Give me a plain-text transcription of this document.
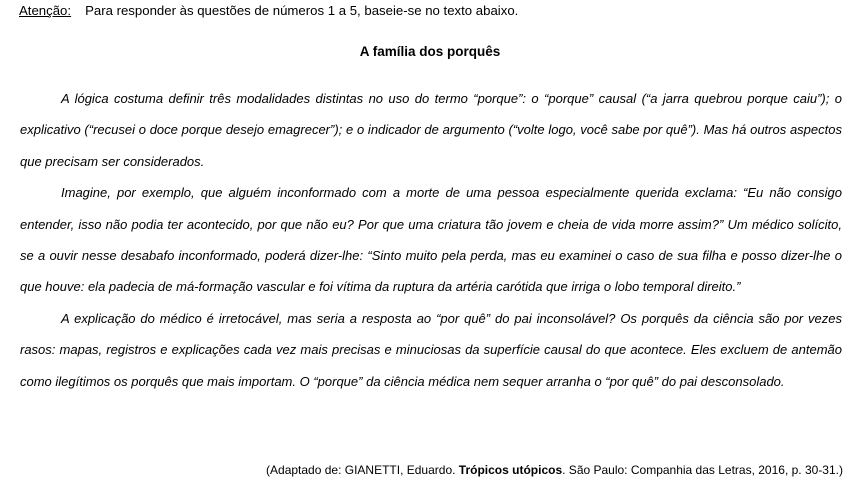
Atenção: Para responder às questões de números 1 a 5, baseie-se no texto abaixo.
A família dos porquês

A lógica costuma definir três modalidades distintas no uso do termo “porque”: o “porque” causal (“a jarra quebrou porque caiu”); o explicativo (“recusei o doce porque desejo emagrecer”); e o indicador de argumento (“volte logo, você sabe por quê”). Mas há outros aspectos que precisam ser considerados.

Imagine, por exemplo, que alguém inconformado com a morte de uma pessoa especialmente querida exclama: “Eu não consigo entender, isso não podia ter acontecido, por que não eu? Por que uma criatura tão jovem e cheia de vida morre assim?” Um médico solícito, se a ouvir nesse desabafo inconformado, poderá dizer-lhe: “Sinto muito pela perda, mas eu examinei o caso de sua filha e posso dizer-lhe o que houve: ela padecia de má-formação vascular e foi vítima da ruptura da artéria carótida que irriga o lobo temporal direito.”

A explicação do médico é irretocável, mas seria a resposta ao “por quê” do pai inconsolável? Os porquês da ciência são por vezes rasos: mapas, registros e explicações cada vez mais precisas e minuciosas da superfície causal do que acontece. Eles excluem de antemão como ilegítimos os porquês que mais importam. O “porque” da ciência médica nem sequer arranha o “por quê” do pai desconsolado.

(Adaptado de: GIANETTI, Eduardo. Trópicos utópicos. São Paulo: Companhia das Letras, 2016, p. 30-31.)
